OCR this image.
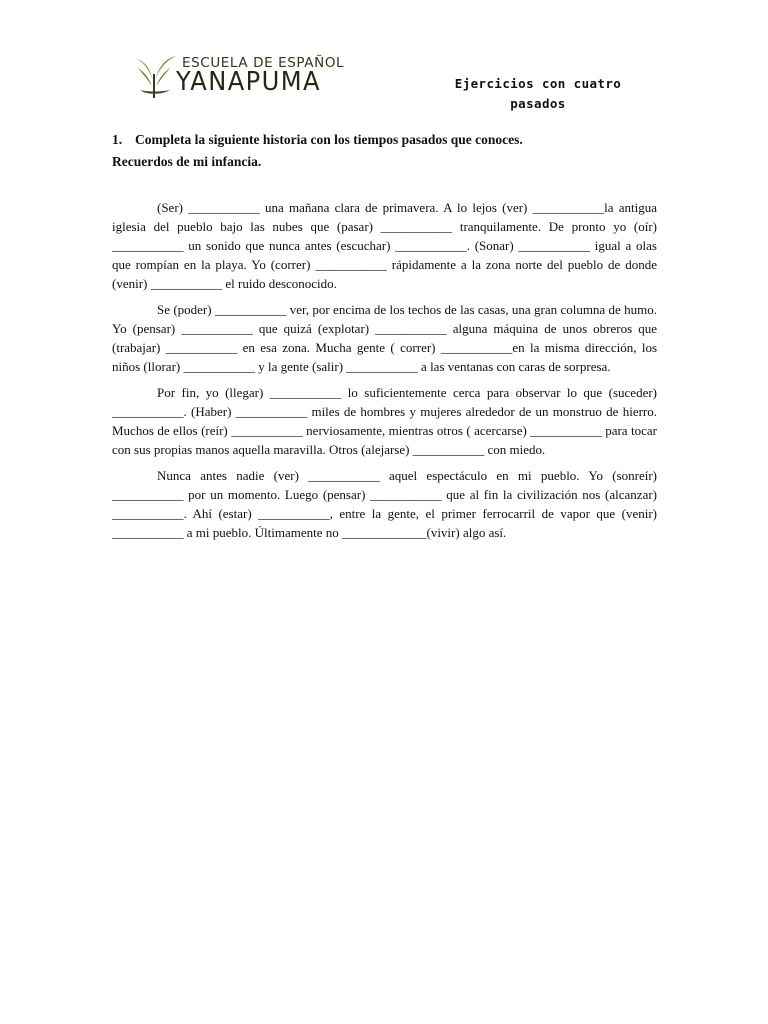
ESCUELA DE ESPAÑOL
YANAPUMA	Ejercicios con cuatro
pasados
1. Completa la siguiente historia con los tiempos pasados que conoces.
Recuerdos de mi infancia.

(Ser) ___________ una mañana clara de primavera. A lo lejos (ver) ___________la antigua iglesia del pueblo bajo las nubes que (pasar) ___________ tranquilamente. De pronto yo (oír) ___________ un sonido que nunca antes (escuchar) ___________. (Sonar) ___________ igual a olas que rompían en la playa. Yo (correr) ___________ rápidamente a la zona norte del pueblo de donde (venir) ___________ el ruido desconocido.

Se (poder) ___________ ver, por encima de los techos de las casas, una gran columna de humo. Yo (pensar) ___________ que quizá (explotar) ___________ alguna máquina de unos obreros que (trabajar) ___________ en esa zona. Mucha gente ( correr) ___________en la misma dirección, los niños (llorar) ___________ y la gente (salir) ___________ a las ventanas con caras de sorpresa.

Por fin, yo (llegar) ___________ lo suficientemente cerca para observar lo que (suceder) ___________. (Haber) ___________ miles de hombres y mujeres alrededor de un monstruo de hierro. Muchos de ellos (reír) ___________ nerviosamente, mientras otros ( acercarse) ___________ para tocar con sus propias manos aquella maravilla. Otros (alejarse) ___________ con miedo.

Nunca antes nadie (ver) ___________ aquel espectáculo en mi pueblo. Yo (sonreír) ___________ por un momento. Luego (pensar) ___________ que al fin la civilización nos (alcanzar) ___________. Ahí (estar) ___________, entre la gente, el primer ferrocarril de vapor que (venir) ___________ a mi pueblo. Últimamente no _____________(vivir) algo así.
